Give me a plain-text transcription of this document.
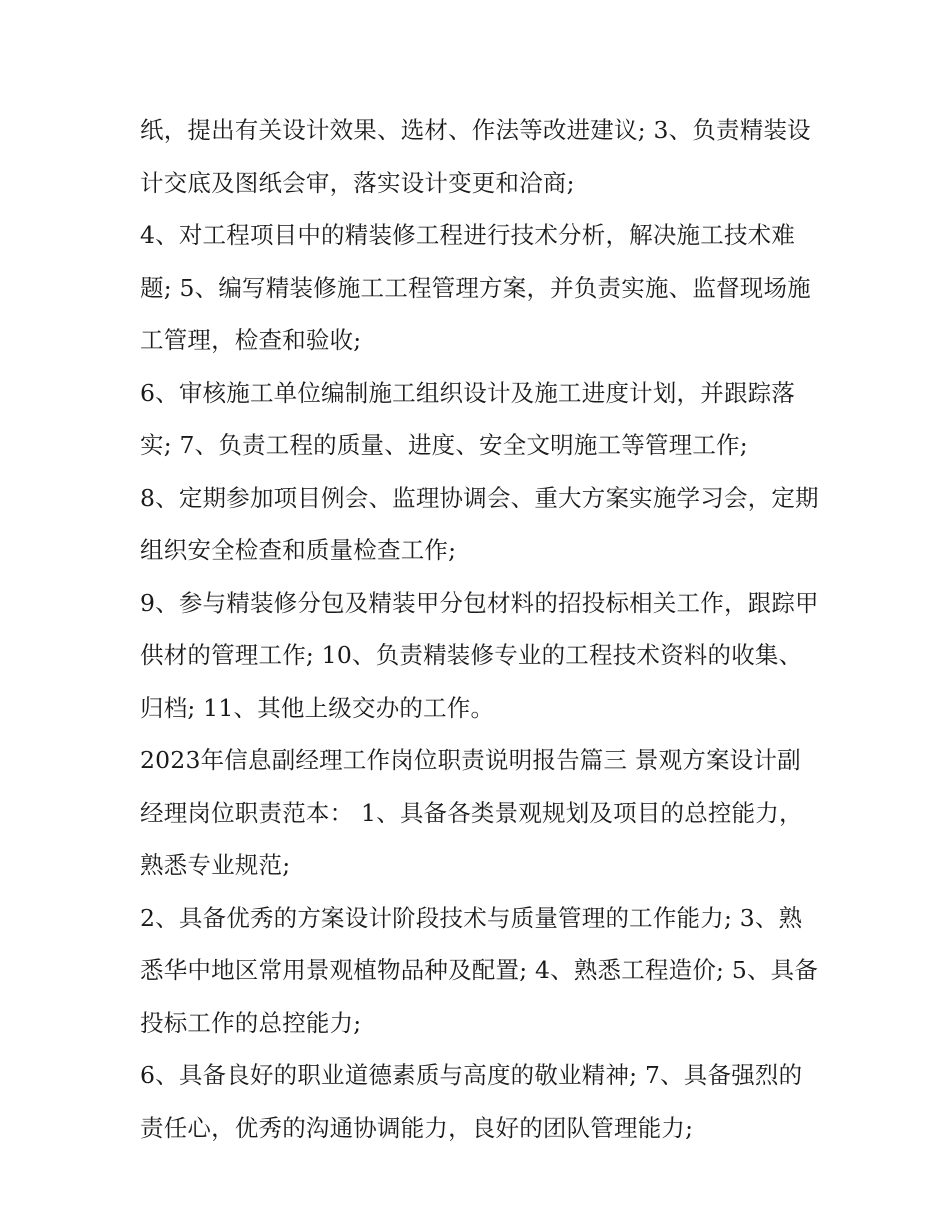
纸，提出有关设计效果、选材、作法等改进建议; 3、负责精装设计交底及图纸会审，落实设计变更和洽商;

4、对工程项目中的精装修工程进行技术分析，解决施工技术难题; 5、编写精装修施工工程管理方案，并负责实施、监督现场施工管理，检查和验收;

6、审核施工单位编制施工组织设计及施工进度计划，并跟踪落实; 7、负责工程的质量、进度、安全文明施工等管理工作;

8、定期参加项目例会、监理协调会、重大方案实施学习会，定期组织安全检查和质量检查工作;

9、参与精装修分包及精装甲分包材料的招投标相关工作，跟踪甲供材的管理工作; 10、负责精装修专业的工程技术资料的收集、归档; 11、其他上级交办的工作。

2023年信息副经理工作岗位职责说明报告篇三 景观方案设计副经理岗位职责范本： 1、具备各类景观规划及项目的总控能力，熟悉专业规范;

2、具备优秀的方案设计阶段技术与质量管理的工作能力; 3、熟悉华中地区常用景观植物品种及配置; 4、熟悉工程造价; 5、具备投标工作的总控能力;

6、具备良好的职业道德素质与高度的敬业精神; 7、具备强烈的责任心，优秀的沟通协调能力，良好的团队管理能力;
